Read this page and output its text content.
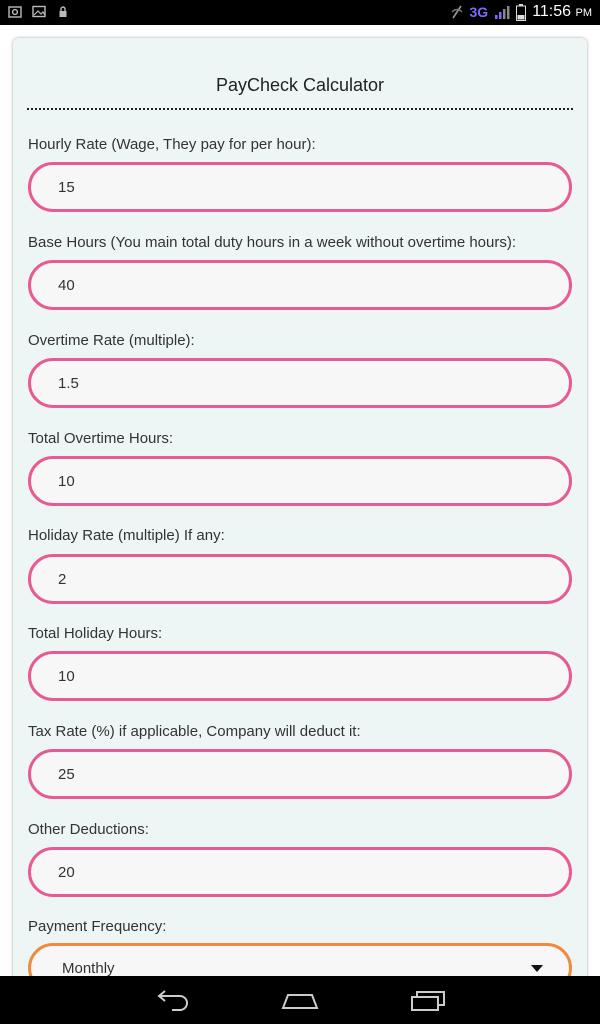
3G	11:56 PM
PayCheck Calculator
Hourly Rate (Wage, They pay for per hour):
15
Base Hours (You main total duty hours in a week without overtime hours):
40
Overtime Rate (multiple):
1.5
Total Overtime Hours:
10
Holiday Rate (multiple) If any:
2
Total Holiday Hours:
10
Tax Rate (%) if applicable, Company will deduct it:
25
Other Deductions:
20
Payment Frequency:
Monthly
